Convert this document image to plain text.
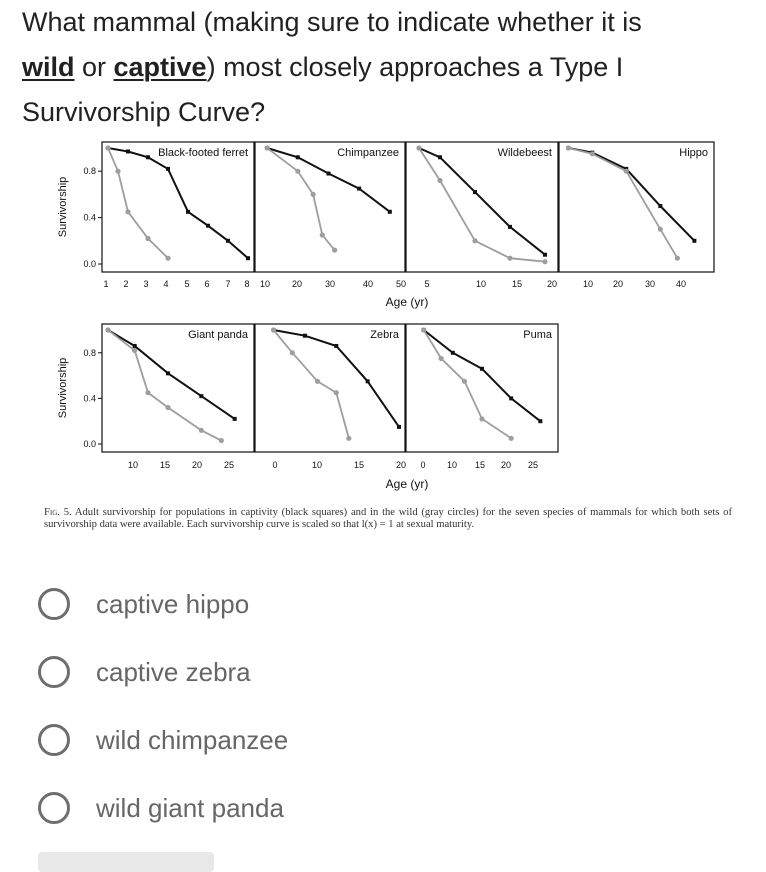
What mammal (making sure to indicate whether it is
wild or captive) most closely approaches a Type I Survivorship Curve?
Black-footed ferret	Chimpanzee	Wildebeest	Hippo
Giant panda	Zebra	Puma
0.8
0.4
0.0
Survivorship
0.8
0.4
0.0
Survivorship
1 2 3 4 5 6 7 8 10 20	30	40	50 5	10	15	20	10 20 30 40
10 15 20 25	0	10	15	20 0 10 15 20 25
Age (yr)
Age (yr)

Fig. 5. Adult survivorship for populations in captivity (black squares) and in the wild (gray circles) for the seven species of mammals for which both sets of survivorship data were available. Each survivorship curve is scaled so that l(x) = 1 at sexual maturity.

captive hippo
captive zebra
wild chimpanzee
wild giant panda
